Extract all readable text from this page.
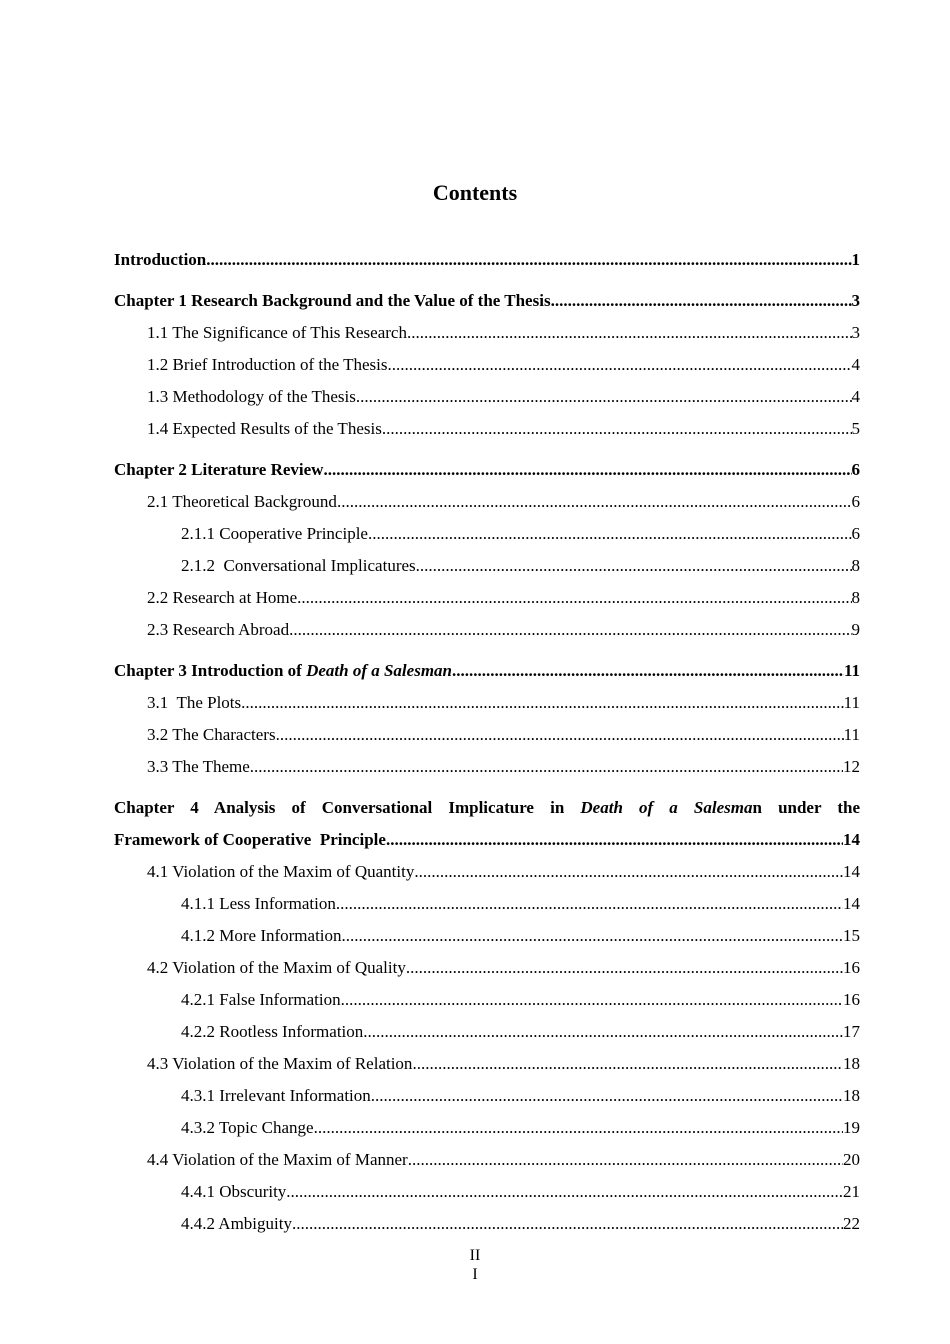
Contents
Introduction .....	1
Chapter 1 Research Background and the Value of the Thesis .....	3
1.1 The Significance of This Research .....	3
1.2 Brief Introduction of the Thesis .....	4
1.3 Methodology of the Thesis .....	4
1.4 Expected Results of the Thesis .....	5
Chapter 2 Literature Review .....	6
2.1 Theoretical Background .....	6
2.1.1 Cooperative Principle .....	6
2.1.2  Conversational Implicatures .....	8
2.2 Research at Home .....	8
2.3 Research Abroad .....	9
Chapter 3 Introduction of Death of a Salesman .....	11
3.1  The Plots .....	11
3.2 The Characters .....	11
3.3 The Theme .....	12
Chapter 4 Analysis of Conversational Implicature in Death of a Salesman under the
Framework of Cooperative  Principle .....	14
4.1 Violation of the Maxim of Quantity .....	14
4.1.1 Less Information .....	14
4.1.2 More Information .....	15
4.2 Violation of the Maxim of Quality .....	16
4.2.1 False Information .....	16
4.2.2 Rootless Information .....	17
4.3 Violation of the Maxim of Relation .....	18
4.3.1 Irrelevant Information .....	18
4.3.2 Topic Change .....	19
4.4 Violation of the Maxim of Manner .....	20
4.4.1 Obscurity .....	21
4.4.2 Ambiguity .....	22
II
I
